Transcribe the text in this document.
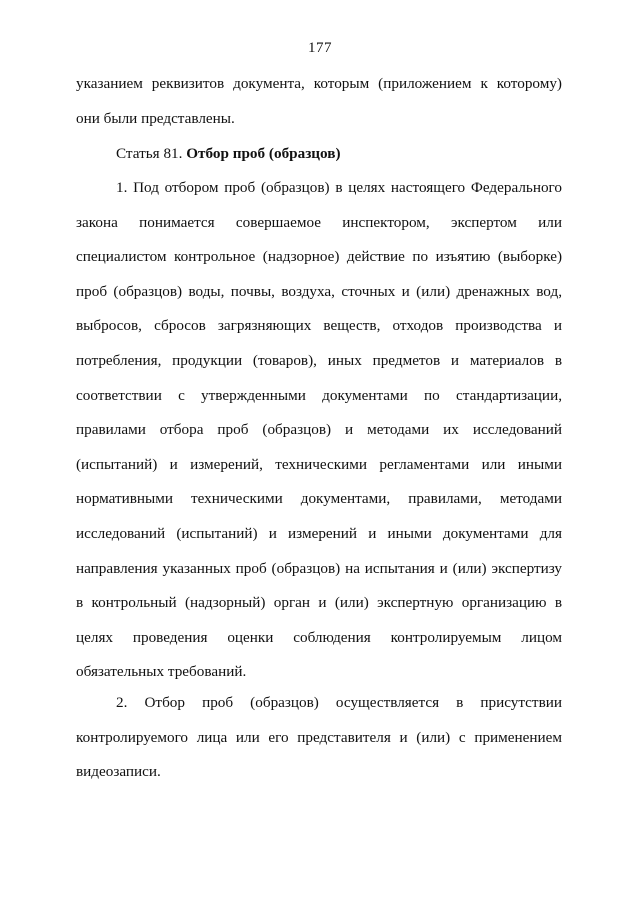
177
указанием реквизитов документа, которым (приложением к которому)
они были представлены.
Статья 81. Отбор проб (образцов)
1. Под отбором проб (образцов) в целях настоящего Федерального
закона понимается совершаемое инспектором, экспертом или
специалистом контрольное (надзорное) действие по изъятию (выборке)
проб (образцов) воды, почвы, воздуха, сточных и (или) дренажных вод,
выбросов, сбросов загрязняющих веществ, отходов производства и
потребления, продукции (товаров), иных предметов и материалов в
соответствии с утвержденными документами по стандартизации,
правилами отбора проб (образцов) и методами их исследований
(испытаний) и измерений, техническими регламентами или иными
нормативными техническими документами, правилами, методами
исследований (испытаний) и измерений и иными документами для
направления указанных проб (образцов) на испытания и (или) экспертизу
в контрольный (надзорный) орган и (или) экспертную организацию в
целях проведения оценки соблюдения контролируемым лицом
обязательных требований.
2. Отбор проб (образцов) осуществляется в присутствии
контролируемого лица или его представителя и (или) с применением
видеозаписи.
